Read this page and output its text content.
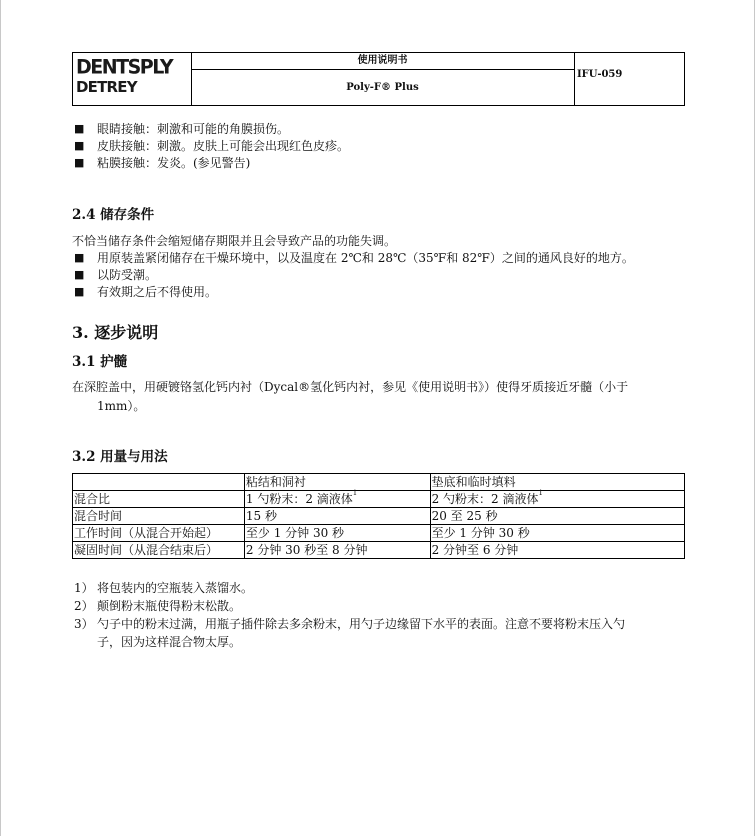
DENTSPLY
DETREY
使用说明书
Poly-F® Plus
IFU-059
■ 眼睛接触：刺激和可能的角膜损伤。
■ 皮肤接触：刺激。皮肤上可能会出现红色皮疹。
■ 粘膜接触：发炎。(参见警告)
2.4 储存条件
不恰当储存条件会缩短储存期限并且会导致产品的功能失调。
■ 用原装盖紧闭储存在干燥环境中，以及温度在 2℃和 28℃（35℉和 82℉）之间的通风良好的地方。
■ 以防受潮。
■ 有效期之后不得使用。
3. 逐步说明
3.1 护髓
在深腔盖中，用硬镀铬氢化钙内衬（Dycal®氢化钙内衬，参见《使用说明书》）使得牙质接近牙髓（小于
1mm）。
3.2 用量与用法
	粘结和洞衬	垫底和临时填料
混合比	1 勺粉末：2 滴液体$^1$	2 勺粉末：2 滴液体$^1$
混合时间	15 秒	20 至 25 秒
工作时间（从混合开始起）	至少 1 分钟 30 秒	至少 1 分钟 30 秒
凝固时间（从混合结束后）	2 分钟 30 秒至 8 分钟	2 分钟至 6 分钟
1） 将包装内的空瓶装入蒸馏水。
2） 颠倒粉末瓶使得粉末松散。
3） 勺子中的粉末过满，用瓶子插件除去多余粉末，用勺子边缘留下水平的表面。注意不要将粉末压入勺
子，因为这样混合物太厚。
